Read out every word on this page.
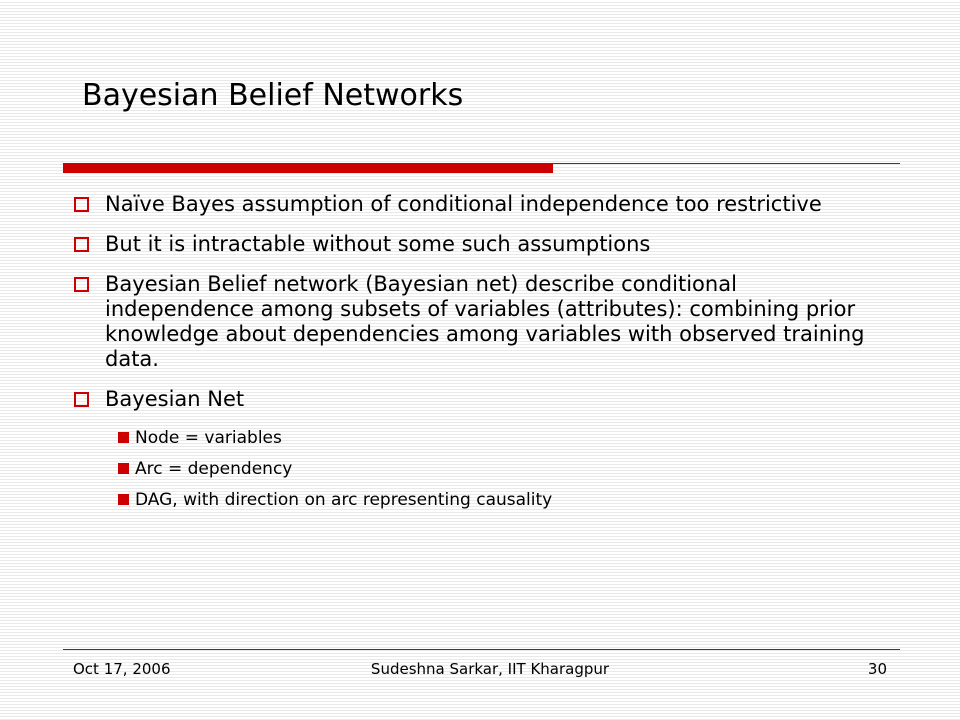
Bayesian Belief Networks
Naïve Bayes assumption of conditional independence too restrictive
But it is intractable without some such assumptions
Bayesian Belief network (Bayesian net) describe conditional independence among subsets of variables (attributes): combining prior knowledge about dependencies among variables with observed training data.
Bayesian Net
Node = variables
Arc = dependency
DAG, with direction on arc representing causality
Oct 17, 2006	Sudeshna Sarkar, IIT Kharagpur	30
